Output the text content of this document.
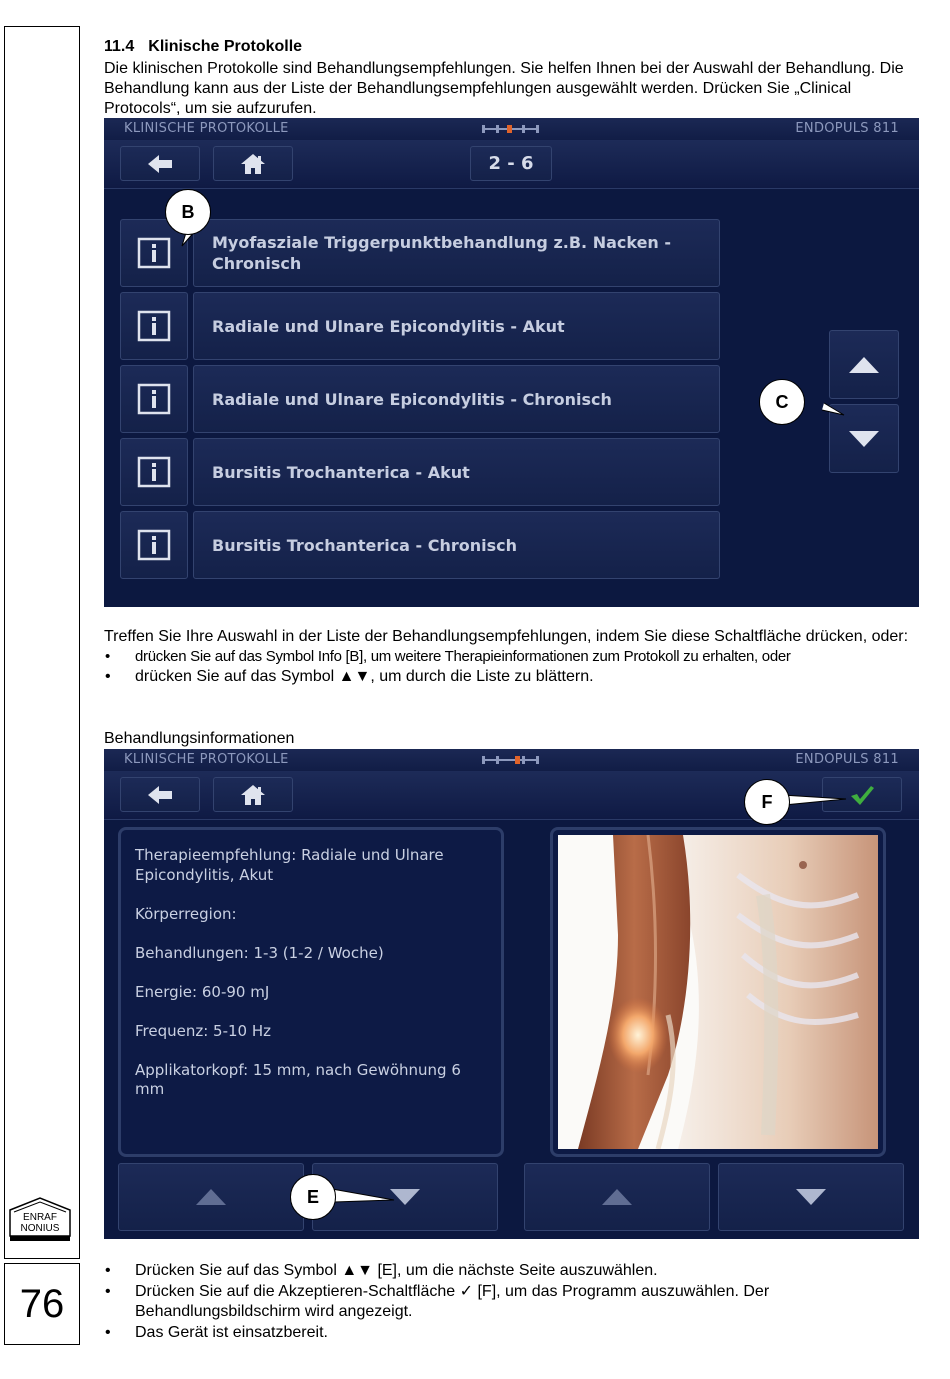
ENRAF
NONIUS
76
11.4 Klinische Protokolle
Die klinischen Protokolle sind Behandlungsempfehlungen. Sie helfen Ihnen bei der Auswahl der Behandlung. Die Behandlung kann aus der Liste der Behandlungsempfehlungen ausgewählt werden. Drücken Sie „Clinical Protocols“, um sie aufzurufen.
KLINISCHE PROTOKOLLE	ENDOPULS 811
2 - 6
Myofasziale Triggerpunktbehandlung z.B. Nacken - Chronisch
Radiale und Ulnare Epicondylitis - Akut
Radiale und Ulnare Epicondylitis - Chronisch
Bursitis Trochanterica - Akut
Bursitis Trochanterica - Chronisch
B
C
Treffen Sie Ihre Auswahl in der Liste der Behandlungsempfehlungen, indem Sie diese Schaltfläche drücken, oder:
• drücken Sie auf das Symbol Info [B], um weitere Therapieinformationen zum Protokoll zu erhalten, oder
• drücken Sie auf das Symbol ▲▼, um durch die Liste zu blättern.
Behandlungsinformationen
KLINISCHE PROTOKOLLE	ENDOPULS 811

Therapieempfehlung: Radiale und Ulnare Epicondylitis, Akut

Körperregion:

Behandlungen: 1-3 (1-2 / Woche)

Energie: 60-90 mJ

Frequenz: 5-10 Hz

Applikatorkopf: 15 mm, nach Gewöhnung 6 mm

F
E
• Drücken Sie auf das Symbol ▲▼ [E], um die nächste Seite auszuwählen.
• Drücken Sie auf die Akzeptieren-Schaltfläche ✓ [F], um das Programm auszuwählen. Der Behandlungsbildschirm wird angezeigt.
• Das Gerät ist einsatzbereit.
